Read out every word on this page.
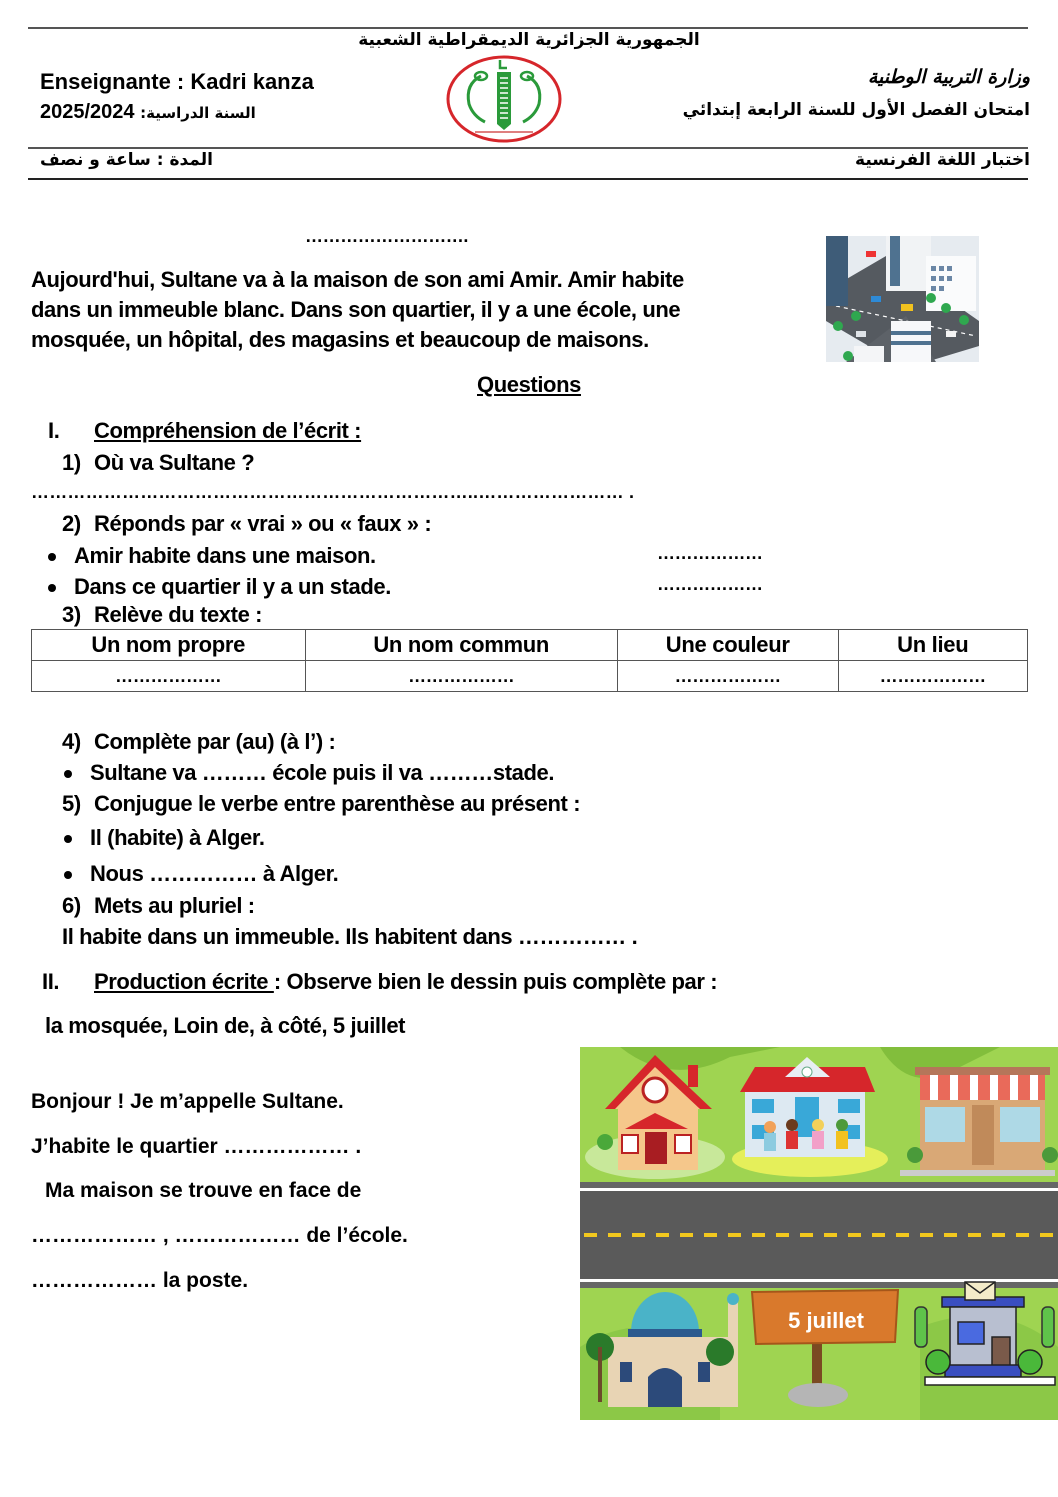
الجمهورية الجزائرية الديمقراطية الشعبية
Enseignante : Kadri kanza
2025/2024 السنة الدراسية:
وزارة التربية الوطنية
امتحان الفصل الأول للسنة الرابعة إبتدائي
المدة : ساعة و نصف	اختبار اللغة الفرنسية
……………………….
Aujourd'hui, Sultane va à la maison de son ami Amir. Amir habite
dans un immeuble blanc. Dans son quartier, il y a une école, une
mosquée, un hôpital, des magasins et beaucoup de maisons.
Questions
I. Compréhension de l’écrit :
1) Où va Sultane ?
………………………………………………………………..…………………… .
2) Réponds par « vrai » ou « faux » :
Amir habite dans une maison.	………………
Dans ce quartier il y a un stade.	………………
3) Relève du texte :
Un nom propre	Un nom commun	Une couleur	Un lieu
………………	………………	………………	………………
4) Complète par (au) (à l’) :
Sultane va ……… école puis il va ………stade.
5) Conjugue le verbe entre parenthèse au présent :
Il (habite) à Alger.
Nous …………… à Alger.
6) Mets au pluriel :
Il habite dans un immeuble. Ils habitent dans …………… .
II. Production écrite : Observe bien le dessin puis complète par :
la mosquée, Loin de, à côté, 5 juillet
Bonjour ! Je m’appelle Sultane.
J’habite le quartier ……………… .
Ma maison se trouve en face de
……………… , ……………… de l’école.
……………… la poste.
5 juillet
